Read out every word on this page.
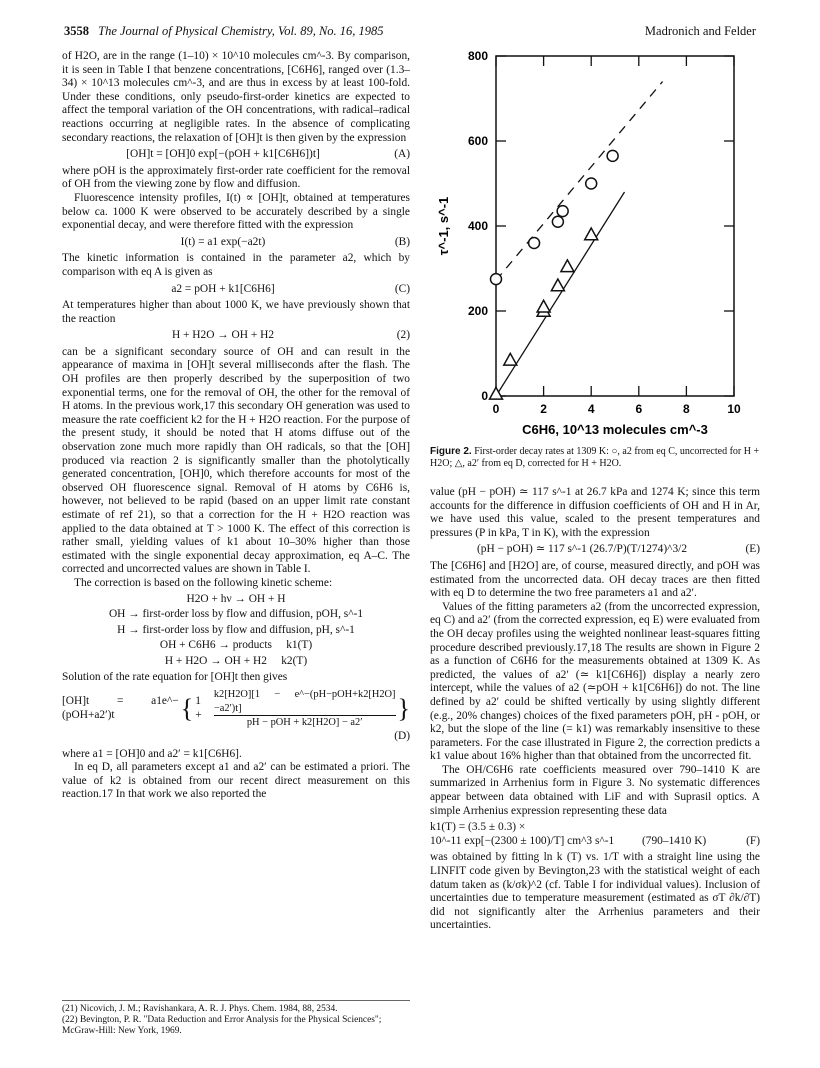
3558 The Journal of Physical Chemistry, Vol. 89, No. 16, 1985	Madronich and Felder

of H2O, are in the range (1–10) × 10^10 molecules cm^-3. By comparison, it is seen in Table I that benzene concentrations, [C6H6], ranged over (1.3–34) × 10^13 molecules cm^-3, and are thus in excess by at least 100-fold. Under these conditions, only pseudo-first-order kinetics are expected to affect the temporal variation of the OH concentrations, with radical–radical reactions occurring at negligible rates. In the absence of complicating secondary reactions, the relaxation of [OH]t is then given by the expression

[OH]t = [OH]0 exp[−(pOH + k1[C6H6])t]	(A)

where pOH is the approximately first-order rate coefficient for the removal of OH from the viewing zone by flow and diffusion.

Fluorescence intensity profiles, I(t) ∝ [OH]t, obtained at temperatures below ca. 1000 K were observed to be accurately described by a single exponential decay, and were therefore fitted with the expression

I(t) = a1 exp(−a2t)	(B)

The kinetic information is contained in the parameter a2, which by comparison with eq A is given as

a2 = pOH + k1[C6H6]	(C)

At temperatures higher than about 1000 K, we have previously shown that the reaction

H + H2O → OH + H2	(2)

can be a significant secondary source of OH and can result in the appearance of maxima in [OH]t several milliseconds after the flash. The OH profiles are then properly described by the superposition of two exponential terms, one for the removal of OH, the other for the removal of H atoms. In the previous work,17 this secondary OH generation was used to measure the rate coefficient k2 for the H + H2O reaction. For the purpose of the present study, it should be noted that H atoms diffuse out of the observation zone much more rapidly than OH radicals, so that the [OH] produced via reaction 2 is significantly smaller than the photolytically generated concentration, [OH]0, which therefore accounts for most of the observed OH fluorescence signal. Removal of H atoms by C6H6 is, however, not believed to be rapid (based on an upper limit rate constant estimate of ref 21), so that a correction for the H + H2O reaction was applied to the data obtained at T > 1000 K. The effect of this correction is rather small, yielding values of k1 about 10–30% higher than those estimated with the single exponential decay approximation, eq A–C. The corrected and uncorrected values are shown in Table I.

The correction is based on the following kinetic scheme:

H2O + hν → OH + H
OH → first-order loss by flow and diffusion, pOH, s^-1
H → first-order loss by flow and diffusion, pH, s^-1
OH + C6H6 → products k1(T)
H + H2O → OH + H2 k2(T)

Solution of the rate equation for [OH]t then gives

[OH]t = a1e^−(pOH+a2′)t	{ 1 +
k2[H2O][1 − e^−(pH−pOH+k2[H2O]−a2′)t]
pH − pOH + k2[H2O] − a2′	}
(D)

where a1 = [OH]0 and a2′ = k1[C6H6].

In eq D, all parameters except a1 and a2′ can be estimated a priori. The value of k2 is obtained from our recent direct measurement on this reaction.17 In that work we also reported the

(21) Nicovich, J. M.; Ravishankara, A. R. J. Phys. Chem. 1984, 88, 2534.
(22) Bevington, P. R. "Data Reduction and Error Analysis for the Physical Sciences"; McGraw-Hill: New York, 1969.
0	2	4	6	8	10
0
200
400
600
800
C6H6, 10^13 molecules cm^-3
τ^-1, s^-1
Figure 2. First-order decay rates at 1309 K: ○, a2 from eq C, uncorrected for H + H2O; △, a2′ from eq D, corrected for H + H2O.

value (pH − pOH) ≃ 117 s^-1 at 26.7 kPa and 1274 K; since this term accounts for the difference in diffusion coefficients of OH and H in Ar, we have used this value, scaled to the present temperatures and pressures (P in kPa, T in K), with the expression

(pH − pOH) ≃ 117 s^-1 (26.7/P)(T/1274)^3/2	(E)

The [C6H6] and [H2O] are, of course, measured directly, and pOH was estimated from the uncorrected data. OH decay traces are then fitted with eq D to determine the two free parameters a1 and a2′.

Values of the fitting parameters a2 (from the uncorrected expression, eq C) and a2′ (from the corrected expression, eq E) were evaluated from the OH decay profiles using the weighted nonlinear least-squares fitting procedure described previously.17,18 The results are shown in Figure 2 as a function of C6H6 for the measurements obtained at 1309 K. As predicted, the values of a2′ (≃ k1[C6H6]) display a nearly zero intercept, while the values of a2 (≃pOH + k1[C6H6]) do not. The line defined by a2′ could be shifted vertically by using slightly different (e.g., 20% changes) choices of the fixed parameters pOH, pH - pOH, or k2, but the slope of the line (= k1) was remarkably insensitive to these parameters. For the case illustrated in Figure 2, the correction predicts a k1 value about 16% higher than that obtained from the uncorrected fit.

The OH/C6H6 rate coefficients measured over 790–1410 K are summarized in Arrhenius form in Figure 3. No systematic differences appear between data obtained with LiF and with Suprasil optics. A simple Arrhenius expression representing these data

k1(T) = (3.5 ± 0.3) ×
10^-11 exp[−(2300 ± 100)/T] cm^3 s^-1 (790–1410 K)	(F)

was obtained by fitting ln k (T) vs. 1/T with a straight line using the LINFIT code given by Bevington,23 with the statistical weight of each datum taken as (k/σk)^2 (cf. Table I for individual values). Inclusion of uncertainties due to temperature measurement (estimated as σT ∂k/∂T) did not significantly alter the Arrhenius parameters and their uncertainties.
